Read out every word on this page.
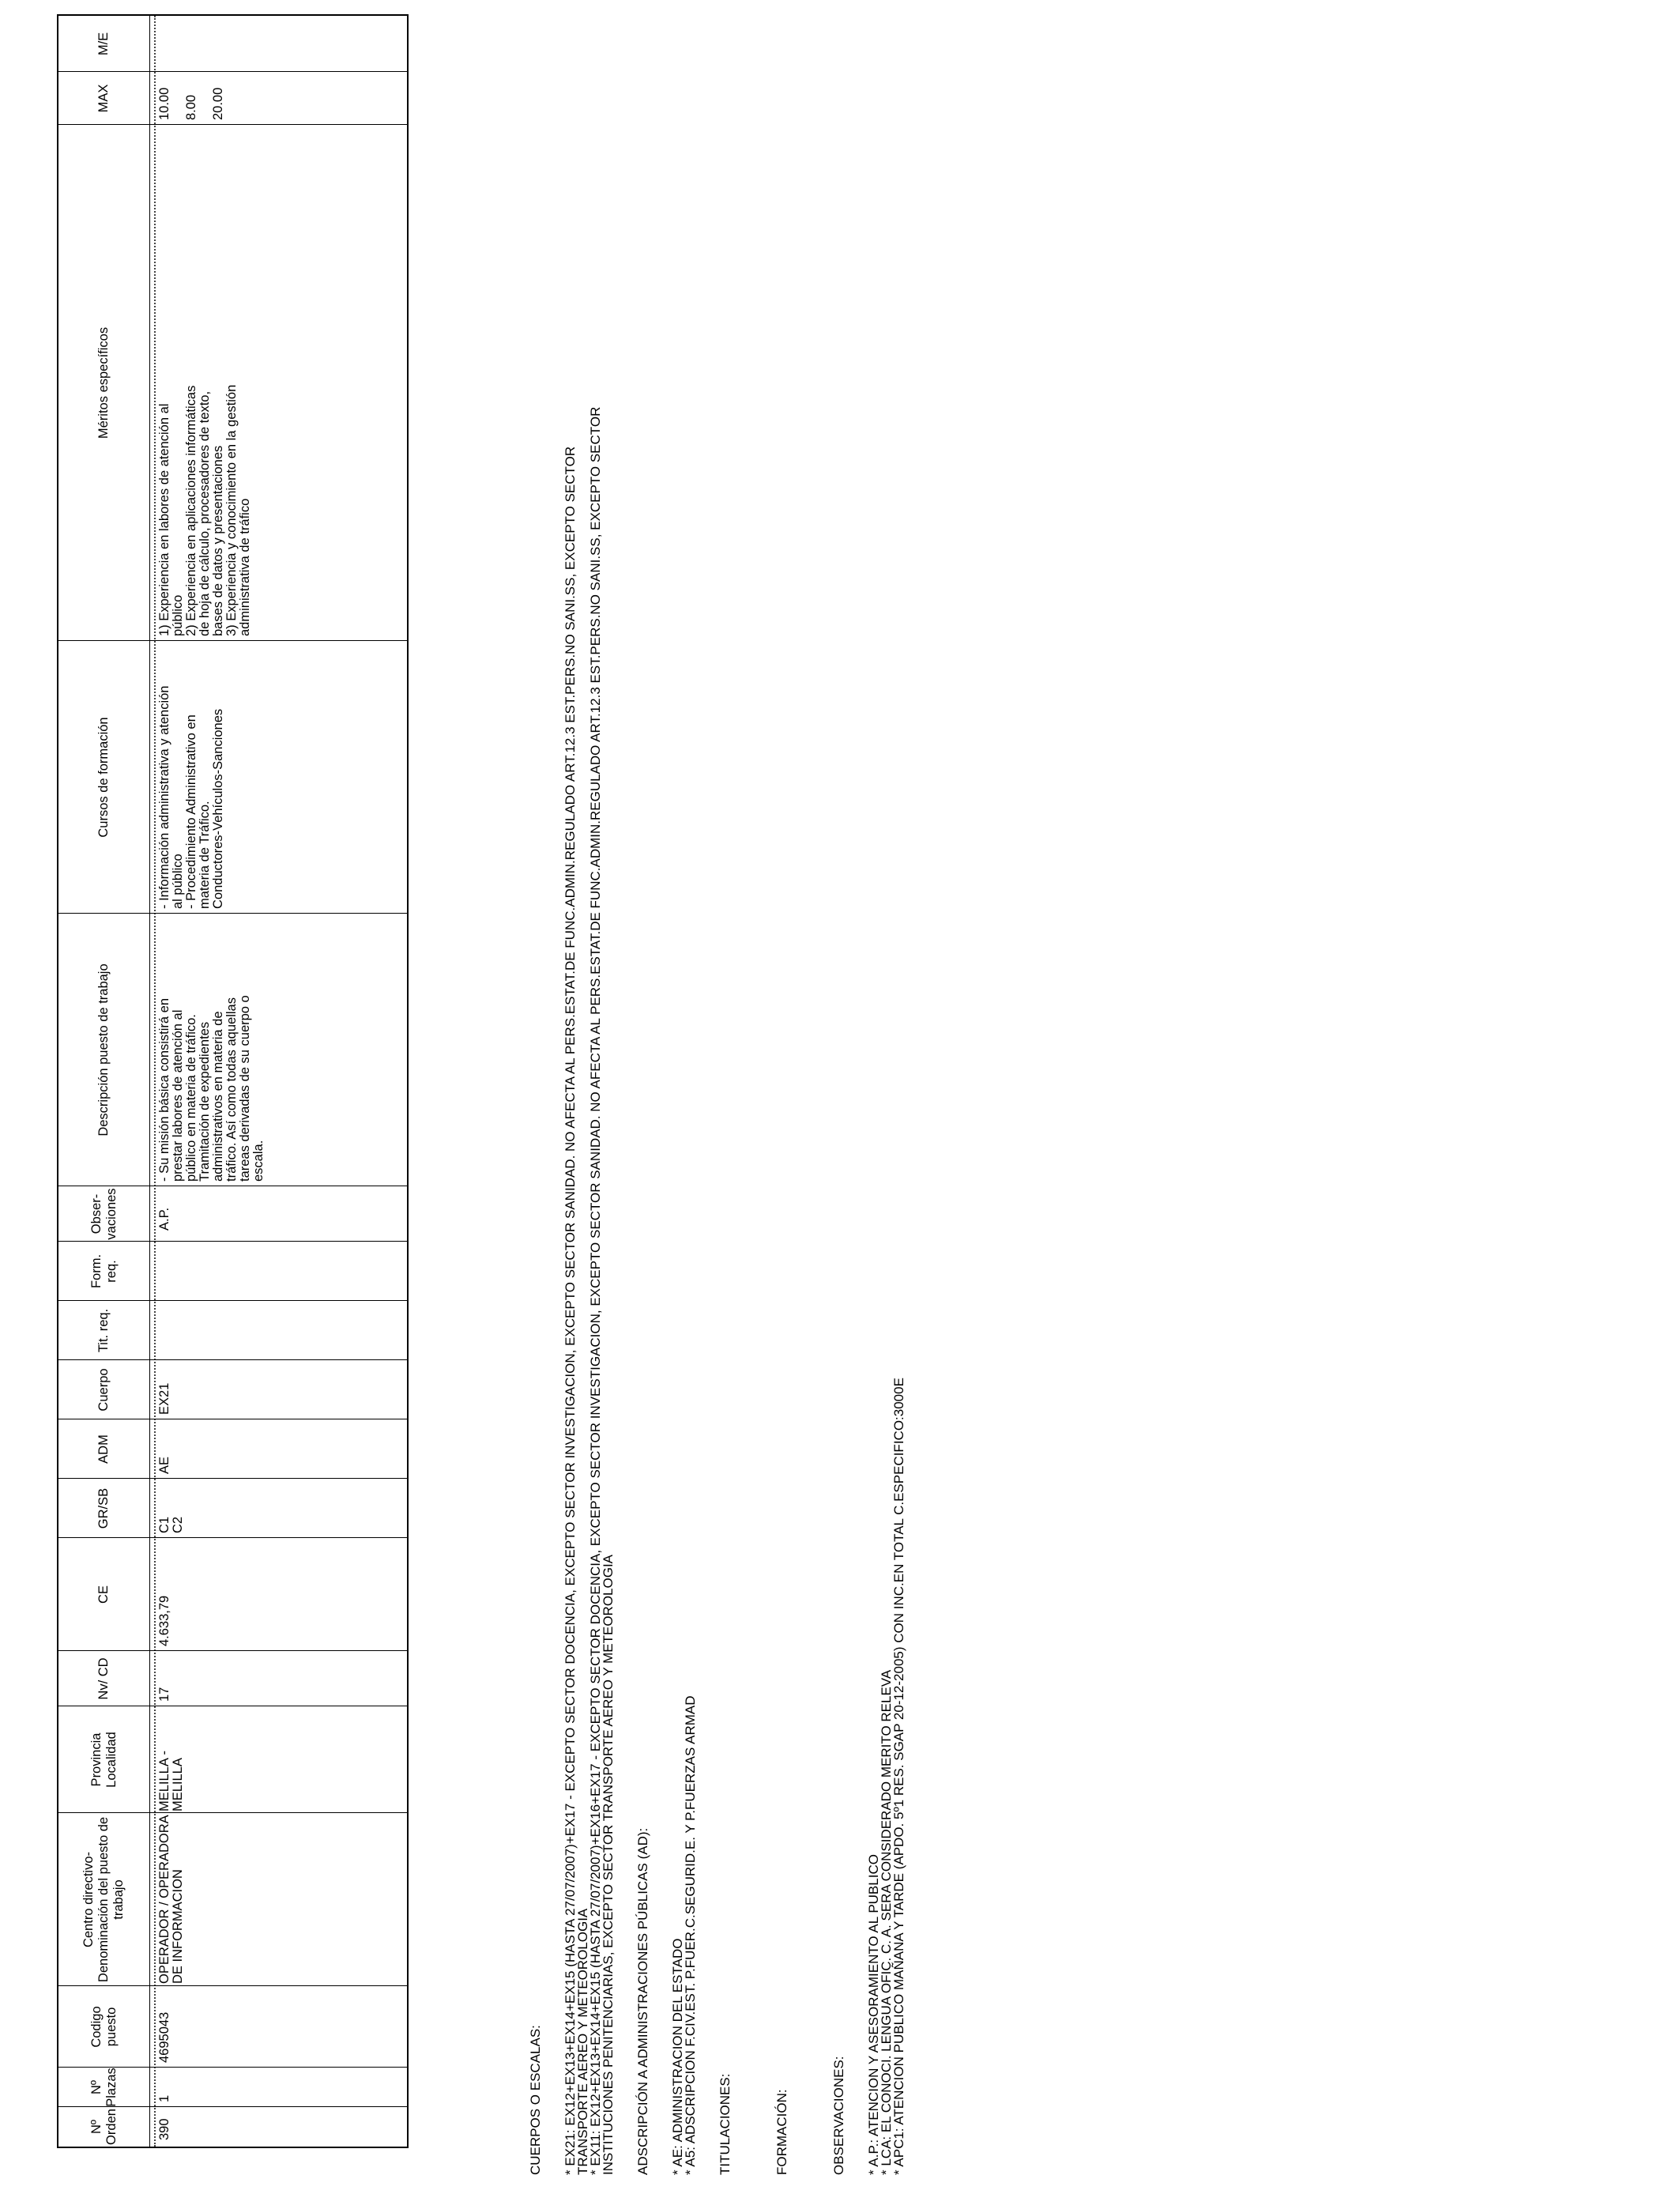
Nº Orden
Nº Plazas
Codigo puesto
Centro directivo- Denominación del puesto de trabajo
Provincia Localidad
Nv/ CD
CE
GR/SB
ADM
Cuerpo
Tit. req.
Form. req.
Obser- vaciones
Descripción puesto de trabajo
Cursos de formación
Méritos específicos
MAX
M/E
390
1
4695043
OPERADOR / OPERADORA DE INFORMACION
MELILLA - MELILLA
17
4.633,79
C1 C2
AE
EX21
A.P.
- Su misión básica consistirá en prestar labores de atención al público en materia de tráfico. Tramitación de expedientes administrativos en materia de tráfico. Así como todas aquellas tareas derivadas de su cuerpo o escala.
- Información administrativa y atención al público - Procedimiento Administrativo en materia de Tráfico. Conductores-Vehículos-Sanciones
1) Experiencia en labores de atención al público 2) Experiencia en aplicaciones informáticas de hoja de cálculo, procesadores de texto, bases de datos y presentaciones 3) Experiencia y conocimiento en la gestión administrativa de tráfico
10.00 8.00 20.00
CUERPOS O ESCALAS: * EX21: EX12+EX13+EX14+EX15 (HASTA 27/07/2007)+EX17 - EXCEPTO SECTOR DOCENCIA, EXCEPTO SECTOR INVESTIGACION, EXCEPTO SECTOR SANIDAD. NO AFECTA AL PERS.ESTAT.DE FUNC.ADMIN.REGULADO ART.12.3 EST.PERS.NO SANI.SS, EXCEPTO SECTOR
TRANSPORTE AEREO Y METEOROLOGIA
* EX11: EX12+EX13+EX14+EX15 (HASTA 27/07/2007)+EX16+EX17 - EXCEPTO SECTOR DOCENCIA, EXCEPTO SECTOR INVESTIGACION, EXCEPTO SECTOR SANIDAD. NO AFECTA AL PERS.ESTAT.DE FUNC.ADMIN.REGULADO ART.12.3 EST.PERS.NO SANI.SS, EXCEPTO SECTOR
INSTITUCIONES PENITENCIARIAS, EXCEPTO SECTOR TRANSPORTE AEREO Y METEOROLOGIA ADSCRIPCIÓN A ADMINISTRACIONES PÚBLICAS (AD): * AE: ADMINISTRACION DEL ESTADO
* A5: ADSCRIPCION F.CIV.EST. P.FUER.C.SEGURID.E. Y P.FUERZAS ARMAD TITULACIONES:	FORMACIÓN:	OBSERVACIONES: * A.P.: ATENCION Y ASESORAMIENTO AL PUBLICO
* LCA: EL CONOCI. LENGUA OFIC. C. A. SERA CONSIDERADO MERITO RELEVA
* APC1: ATENCION PUBLICO MAÑANA Y TARDE (APDO. 5º1 RES. SGAP 20-12-2005) CON INC.EN TOTAL C.ESPECIFICO:3000E
